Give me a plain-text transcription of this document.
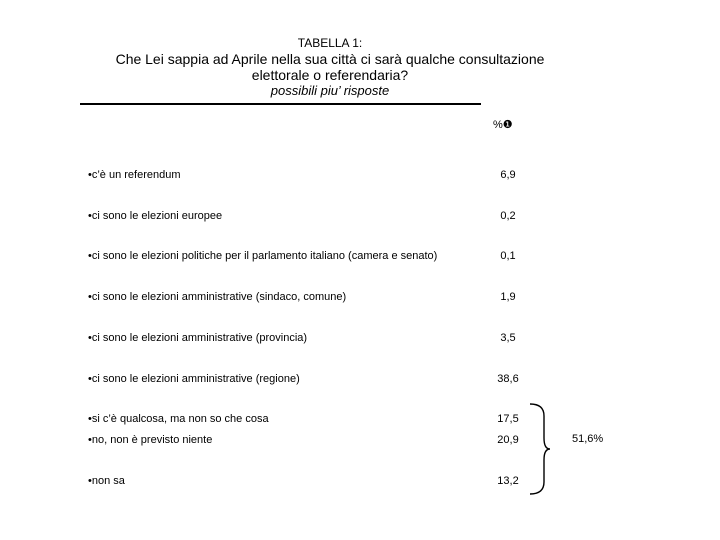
TABELLA 1:
Che Lei sappia ad Aprile nella sua città ci sarà qualche consultazione
elettorale o referendaria?
possibili piu’ risposte
%❶
•c’è un referendum	6,9
•ci sono le elezioni europee	0,2
•ci sono le elezioni politiche per il parlamento italiano (camera e senato)	0,1
•ci sono le elezioni amministrative (sindaco, comune)	1,9
•ci sono le elezioni amministrative (provincia)	3,5
•ci sono le elezioni amministrative (regione)	38,6
•si c’è qualcosa, ma non so che cosa	17,5
•no, non è previsto niente	20,9
•non sa	13,2
51,6%
